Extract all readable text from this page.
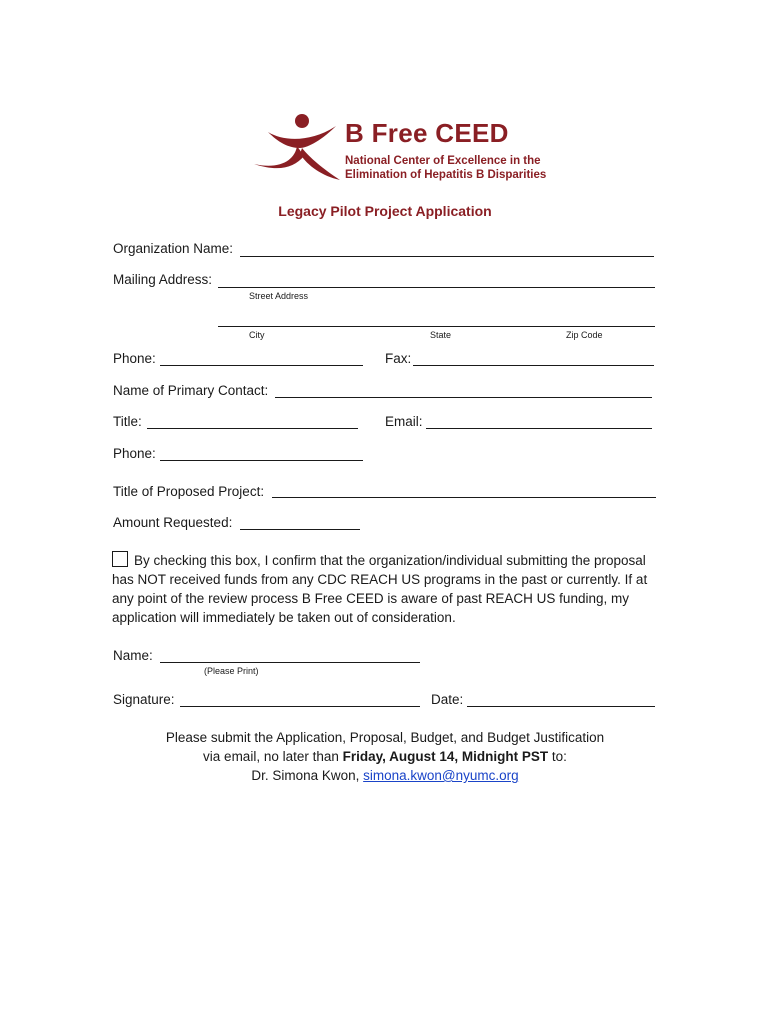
B Free CEED
National Center of Excellence in the
Elimination of Hepatitis B Disparities
Legacy Pilot Project Application
Organization Name:
Mailing Address:
Street Address
City	State	Zip Code
Phone:	Fax:
Name of Primary Contact:
Title:	Email:
Phone:
Title of Proposed Project:
Amount Requested:
By checking this box, I confirm that the organization/individual submitting the proposal has NOT received funds from any CDC REACH US programs in the past or currently. If at any point of the review process B Free CEED is aware of past REACH US funding, my application will immediately be taken out of consideration.
Name:
(Please Print)
Signature:	Date:
Please submit the Application, Proposal, Budget, and Budget Justification
via email, no later than Friday, August 14, Midnight PST to:
Dr. Simona Kwon, simona.kwon@nyumc.org
